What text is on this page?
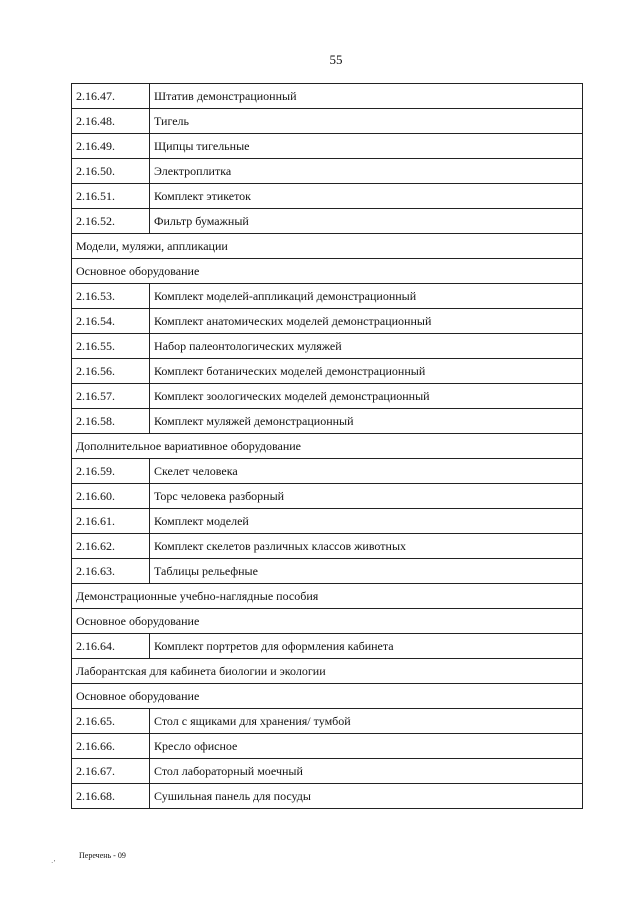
55
2.16.47.	Штатив демонстрационный
2.16.48.	Тигель
2.16.49.	Щипцы тигельные
2.16.50.	Электроплитка
2.16.51.	Комплект этикеток
2.16.52.	Фильтр бумажный
Модели, муляжи, аппликации	
Основное оборудование	
2.16.53.	Комплект моделей-аппликаций демонстрационный
2.16.54.	Комплект анатомических моделей демонстрационный
2.16.55.	Набор палеонтологических муляжей
2.16.56.	Комплект ботанических моделей демонстрационный
2.16.57.	Комплект зоологических моделей демонстрационный
2.16.58.	Комплект муляжей демонстрационный
Дополнительное вариативное оборудование	
2.16.59.	Скелет человека
2.16.60.	Торс человека разборный
2.16.61.	Комплект моделей
2.16.62.	Комплект скелетов различных классов животных
2.16.63.	Таблицы рельефные
Демонстрационные учебно-наглядные пособия	
Основное оборудование	
2.16.64.	Комплект портретов для оформления кабинета
Лаборантская для кабинета биологии и экологии	
Основное оборудование	
2.16.65.	Стол с ящиками для хранения/ тумбой
2.16.66.	Кресло офисное
2.16.67.	Стол лабораторный моечный
2.16.68.	Сушильная панель для посуды
Перечень - 09
·ʼ
